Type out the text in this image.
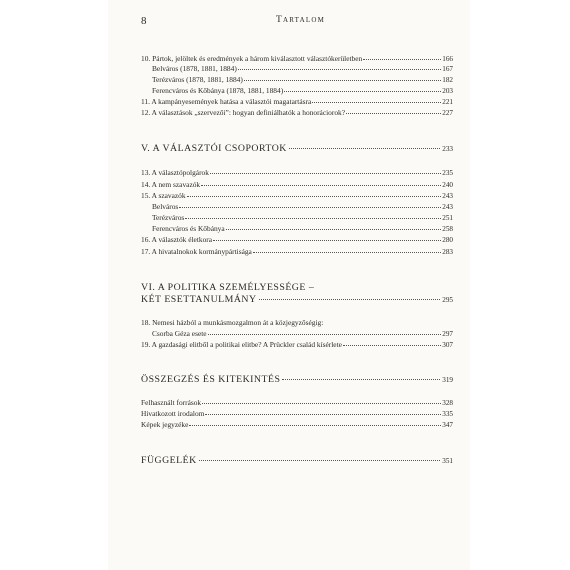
8	Tartalom
10. Pártok, jelöltek és eredmények a három kiválasztott választókerületben	166
Belváros (1878, 1881, 1884)	167
Terézváros (1878, 1881, 1884)	182
Ferencváros és Kőbánya (1878, 1881, 1884)	203
11. A kampányesemények hatása a választói magatartásra	221
12. A választások „szervezői”: hogyan definiálhatók a honoráciorok?	227
V. A VÁLASZTÓI CSOPORTOK	233
13. A választópolgárok	235
14. A nem szavazók	240
15. A szavazók	243
Belváros	243
Terézváros	251
Ferencváros és Kőbánya	258
16. A választók életkora	280
17. A hivatalnokok kormánypártisága	283
VI. A POLITIKA SZEMÉLYESSÉGE –
KÉT ESETTANULMÁNY	295
18. Nemesi házból a munkásmozgalmon át a közjegyzőségig:
Csorba Géza esete	297
19. A gazdasági elitből a politikai elitbe? A Prückler család kísérlete	307
ÖSSZEGZÉS ÉS KITEKINTÉS	319
Felhasznált források	328
Hivatkozott irodalom	335
Képek jegyzéke	347
FÜGGELÉK	351
